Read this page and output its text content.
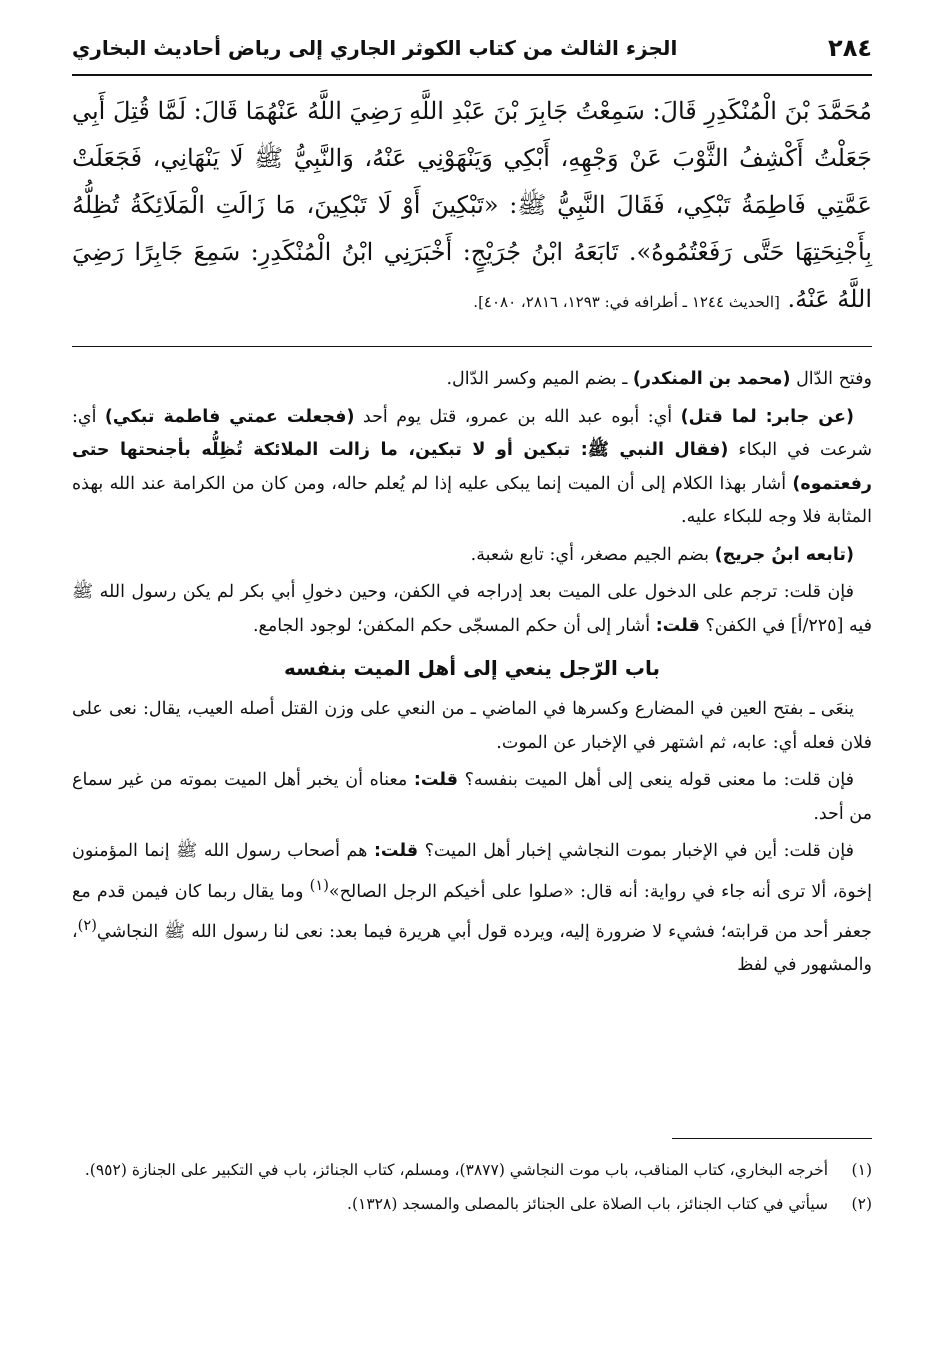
٢٨٤
الجزء الثالث من كتاب الكوثر الجاري إلى رياض أحاديث البخاري
مُحَمَّدَ بْنَ الْمُنْكَدِرِ قَالَ: سَمِعْتُ جَابِرَ بْنَ عَبْدِ اللَّهِ رَضِيَ اللَّهُ عَنْهُمَا قَالَ: لَمَّا قُتِلَ أَبِي جَعَلْتُ أَكْشِفُ الثَّوْبَ عَنْ وَجْهِهِ، أَبْكِي وَيَنْهَوْنِي عَنْهُ، وَالنَّبِيُّ ﷺ لَا يَنْهَانِي، فَجَعَلَتْ عَمَّتِي فَاطِمَةُ تَبْكِي، فَقَالَ النَّبِيُّ ﷺ: «تَبْكِينَ أَوْ لَا تَبْكِينَ، مَا زَالَتِ الْمَلَائِكَةُ تُظِلُّهُ بِأَجْنِحَتِهَا حَتَّى رَفَعْتُمُوهُ». تَابَعَهُ ابْنُ جُرَيْجٍ: أَخْبَرَنِي ابْنُ الْمُنْكَدِرِ: سَمِعَ جَابِرًا رَضِيَ اللَّهُ عَنْهُ. [الحديث ١٢٤٤ ـ أطرافه في: ١٢٩٣، ٢٨١٦، ٤٠٨٠].

وفتح الدّال (محمد بن المنكدر) ـ بضم الميم وكسر الدّال.

(عن جابر: لما قتل) أي: أبوه عبد الله بن عمرو، قتل يوم أحد (فجعلت عمتي فاطمة تبكي) أي: شرعت في البكاء (فقال النبي ﷺ: تبكين أو لا تبكين، ما زالت الملائكة تُظِلُّه بأجنحتها حتى رفعتموه) أشار بهذا الكلام إلى أن الميت إنما يبكى عليه إذا لم يُعلم حاله، ومن كان من الكرامة عند الله بهذه المثابة فلا وجه للبكاء عليه.

(تابعه ابنُ جريج) بضم الجيم مصغر، أي: تابع شعبة.

فإن قلت: ترجم على الدخول على الميت بعد إدراجه في الكفن، وحين دخولِ أبي بكر لم يكن رسول الله ﷺ فيه [٢٢٥/أ] في الكفن؟ قلت: أشار إلى أن حكم المسجّى حكم المكفن؛ لوجود الجامع.

باب الرّجل ينعي إلى أهل الميت بنفسه

ينعَى ـ بفتح العين في المضارع وكسرها في الماضي ـ من النعي على وزن القتل أصله العيب، يقال: نعى على فلان فعله أي: عابه، ثم اشتهر في الإخبار عن الموت.

فإن قلت: ما معنى قوله ينعى إلى أهل الميت بنفسه؟ قلت: معناه أن يخبر أهل الميت بموته من غير سماع من أحد.

فإن قلت: أين في الإخبار بموت النجاشي إخبار أهل الميت؟ قلت: هم أصحاب رسول الله ﷺ إنما المؤمنون إخوة، ألا ترى أنه جاء في رواية: أنه قال: «صلوا على أخيكم الرجل الصالح»$^{(١)}$ وما يقال ربما كان فيمن قدم مع جعفر أحد من قرابته؛ فشيء لا ضرورة إليه، ويرده قول أبي هريرة فيما بعد: نعى لنا رسول الله ﷺ النجاشي$^{(٢)}$، والمشهور في لفظ

(١)
أخرجه البخاري، كتاب المناقب، باب موت النجاشي (٣٨٧٧)، ومسلم، كتاب الجنائز، باب في التكبير على الجنازة (٩٥٢).
(٢)
سيأتي في كتاب الجنائز، باب الصلاة على الجنائز بالمصلى والمسجد (١٣٢٨).
